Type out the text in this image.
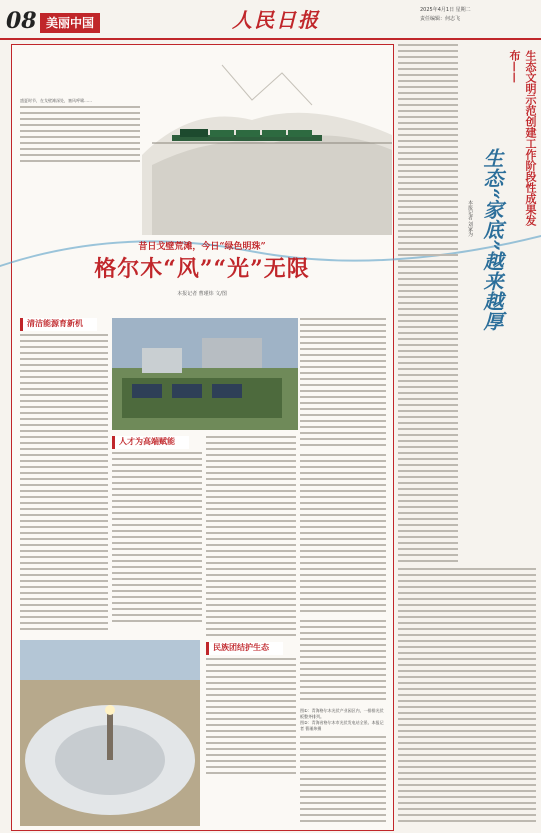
08 美丽中国	人民日报	2025年4月1日 星期二
责任编辑：何志飞
盛夏时节，在戈壁滩深处，塞风呼啸……
昔日戈壁荒滩，今日“绿色明珠”
格尔木“风”“光”无限
本报记者 曹瑾炜 文/图
清洁能源育新机
人才为高端赋能
民族团结护生态
图①：青海格尔木光伏产业园区内，一排排光伏板整齐排列。
图②：青海省格尔木市光伏发电站全景。本报记者 曹瑾炜摄
生态文明示范创建工作阶段性成果发布——
生态“家底”越来越厚
本报记者 刘家为
